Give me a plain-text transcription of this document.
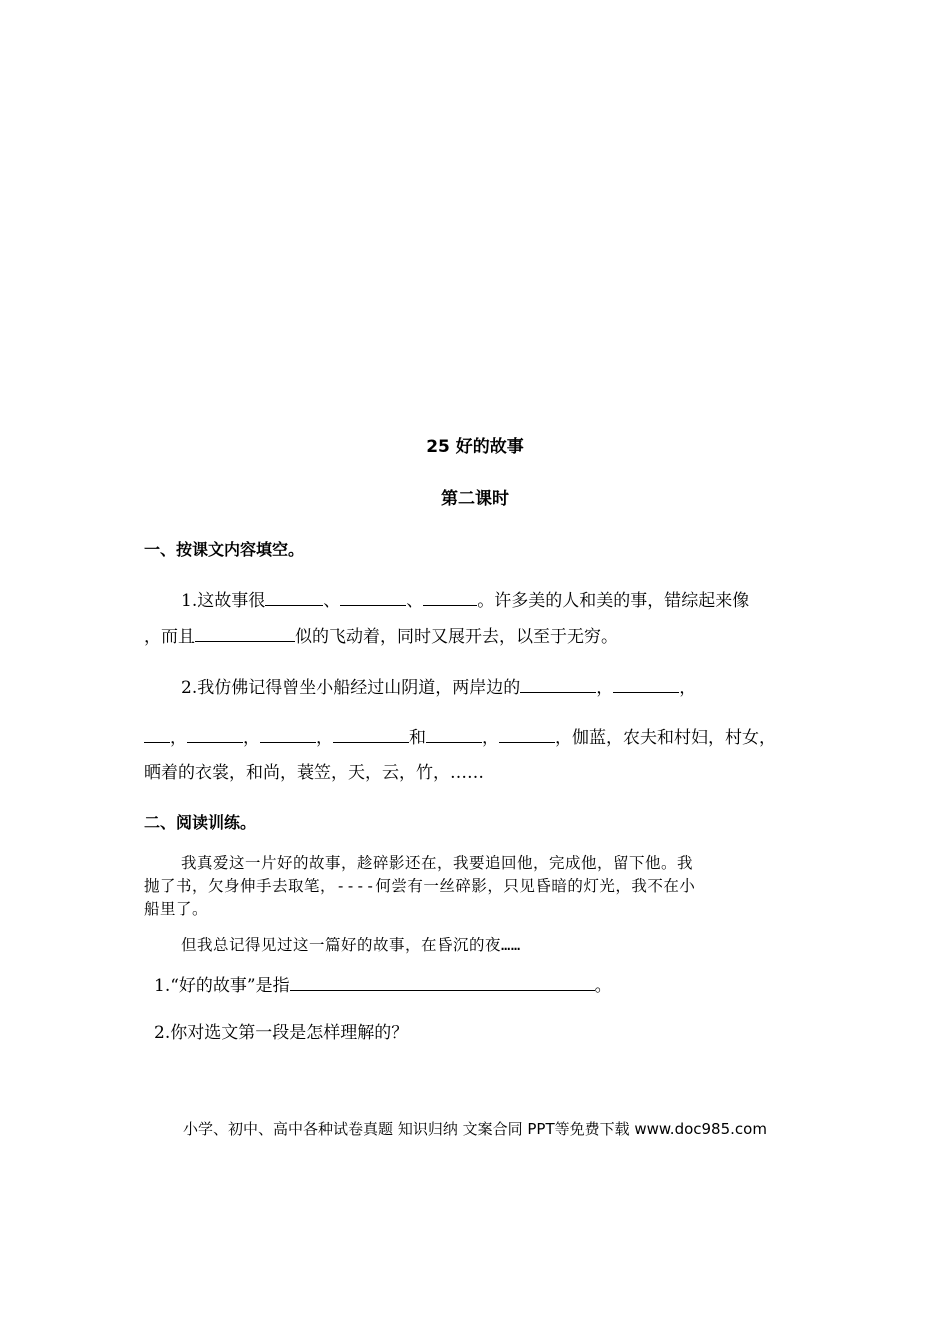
25 好的故事
第二课时
一、按课文内容填空。
1.这故事很	、	、	。许多美的人和美的事，错综起来像
，而且	似的飞动着，同时又展开去，以至于无穷。
2.我仿佛记得曾坐小船经过山阴道，两岸边的	，	，
，	，	，	和	，	，伽蓝，农夫和村妇，村女，
晒着的衣裳，和尚，蓑笠，天，云，竹，……
二、阅读训练。
我真爱这一片好的故事，趁碎影还在，我要追回他，完成他，留下他。我
抛了书，欠身伸手去取笔，----何尝有一丝碎影，只见昏暗的灯光，我不在小
船里了。
但我总记得见过这一篇好的故事，在昏沉的夜……
1.“好的故事”是指	。
2.你对选文第一段是怎样理解的？
小学、初中、高中各种试卷真题 知识归纳 文案合同 PPT等免费下载 www.doc985.com
